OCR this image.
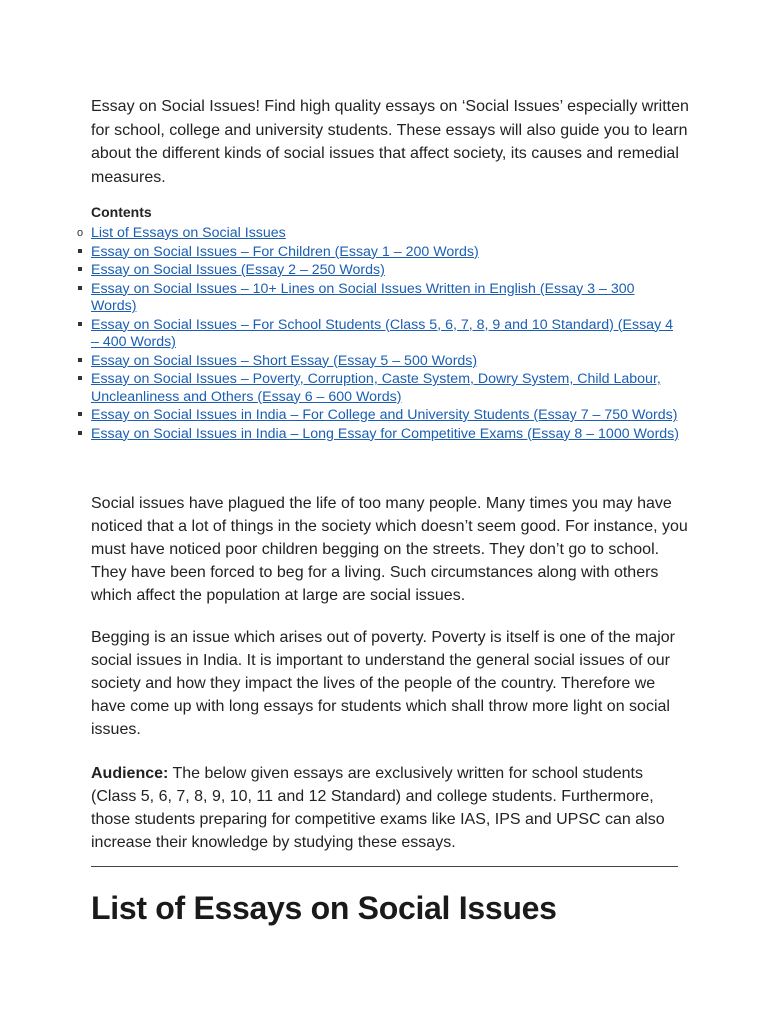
Essay on Social Issues! Find high quality essays on ‘Social Issues’ especially written for school, college and university students. These essays will also guide you to learn about the different kinds of social issues that affect society, its causes and remedial measures.

Contents

o List of Essays on Social Issues
Essay on Social Issues – For Children (Essay 1 – 200 Words)
Essay on Social Issues (Essay 2 – 250 Words)
Essay on Social Issues – 10+ Lines on Social Issues Written in English (Essay 3 – 300 Words)
Essay on Social Issues – For School Students (Class 5, 6, 7, 8, 9 and 10 Standard) (Essay 4 – 400 Words)
Essay on Social Issues – Short Essay (Essay 5 – 500 Words)
Essay on Social Issues – Poverty, Corruption, Caste System, Dowry System, Child Labour, Uncleanliness and Others (Essay 6 – 600 Words)
Essay on Social Issues in India – For College and University Students (Essay 7 – 750 Words)
Essay on Social Issues in India – Long Essay for Competitive Exams (Essay 8 – 1000 Words)

Social issues have plagued the life of too many people. Many times you may have noticed that a lot of things in the society which doesn’t seem good. For instance, you must have noticed poor children begging on the streets. They don’t go to school. They have been forced to beg for a living. Such circumstances along with others which affect the population at large are social issues.

Begging is an issue which arises out of poverty. Poverty is itself is one of the major social issues in India. It is important to understand the general social issues of our society and how they impact the lives of the people of the country. Therefore we have come up with long essays for students which shall throw more light on social issues.

Audience: The below given essays are exclusively written for school students (Class 5, 6, 7, 8, 9, 10, 11 and 12 Standard) and college students. Furthermore, those students preparing for competitive exams like IAS, IPS and UPSC can also increase their knowledge by studying these essays.

List of Essays on Social Issues
